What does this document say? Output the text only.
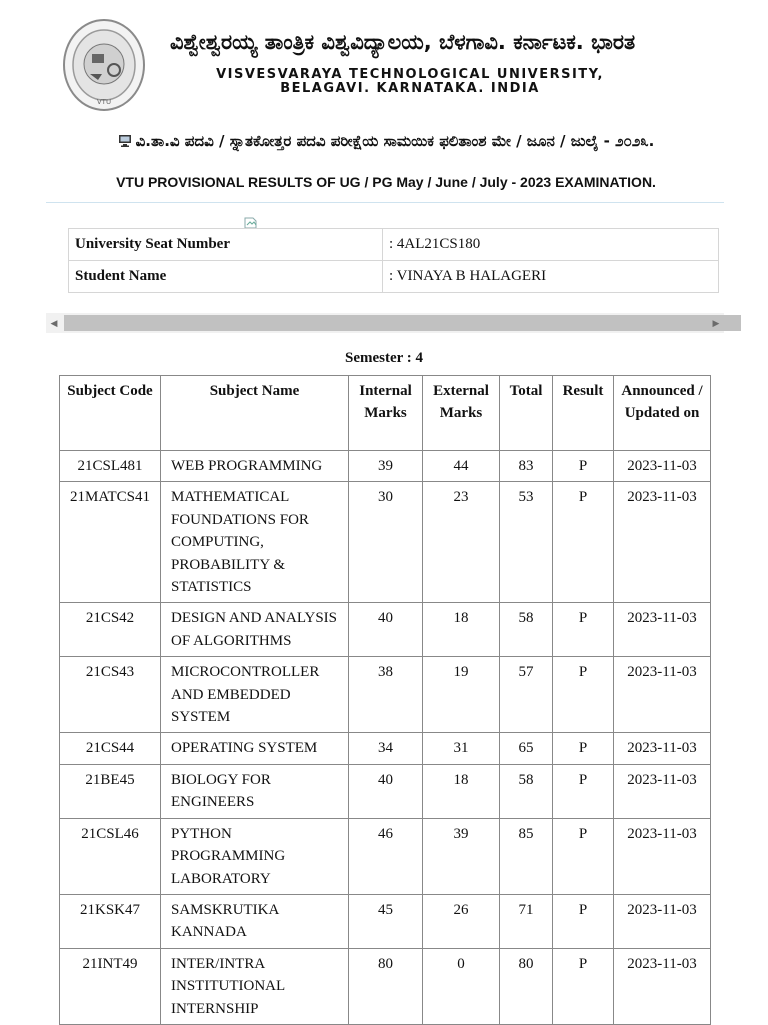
VTU
ವಿಶ್ವೇಶ್ವರಯ್ಯ ತಾಂತ್ರಿಕ ವಿಶ್ವವಿದ್ಯಾಲಯ, ಬೆಳಗಾವಿ. ಕರ್ನಾಟಕ. ಭಾರತ
VISVESVARAYA TECHNOLOGICAL UNIVERSITY,
BELAGAVI. KARNATAKA. INDIA
ವಿ.ತಾ.ವಿ ಪದವಿ / ಸ್ನಾತಕೋತ್ತರ ಪದವಿ ಪರೀಕ್ಷೆಯ ಸಾಮಯಿಕ ಫಲಿತಾಂಶ ಮೇ / ಜೂನ / ಜುಲೈ - ೨೦೨೩.
VTU PROVISIONAL RESULTS OF UG / PG May / June / July - 2023 EXAMINATION.
University Seat Number	: 4AL21CS180
Student Name	: VINAYA B HALAGERI
◀	▶
Semester : 4
Subject Code	Subject Name	Internal Marks	External Marks	Total	Result	Announced / Updated on
21CSL481	WEB PROGRAMMING	39	44	83	P	2023-11-03
21MATCS41	MATHEMATICAL FOUNDATIONS FOR COMPUTING, PROBABILITY & STATISTICS	30	23	53	P	2023-11-03
21CS42	DESIGN AND ANALYSIS OF ALGORITHMS	40	18	58	P	2023-11-03
21CS43	MICROCONTROLLER AND EMBEDDED SYSTEM	38	19	57	P	2023-11-03
21CS44	OPERATING SYSTEM	34	31	65	P	2023-11-03
21BE45	BIOLOGY FOR ENGINEERS	40	18	58	P	2023-11-03
21CSL46	PYTHON PROGRAMMING LABORATORY	46	39	85	P	2023-11-03
21KSK47	SAMSKRUTIKA KANNADA	45	26	71	P	2023-11-03
21INT49	INTER/INTRA INSTITUTIONAL INTERNSHIP	80	0	80	P	2023-11-03
